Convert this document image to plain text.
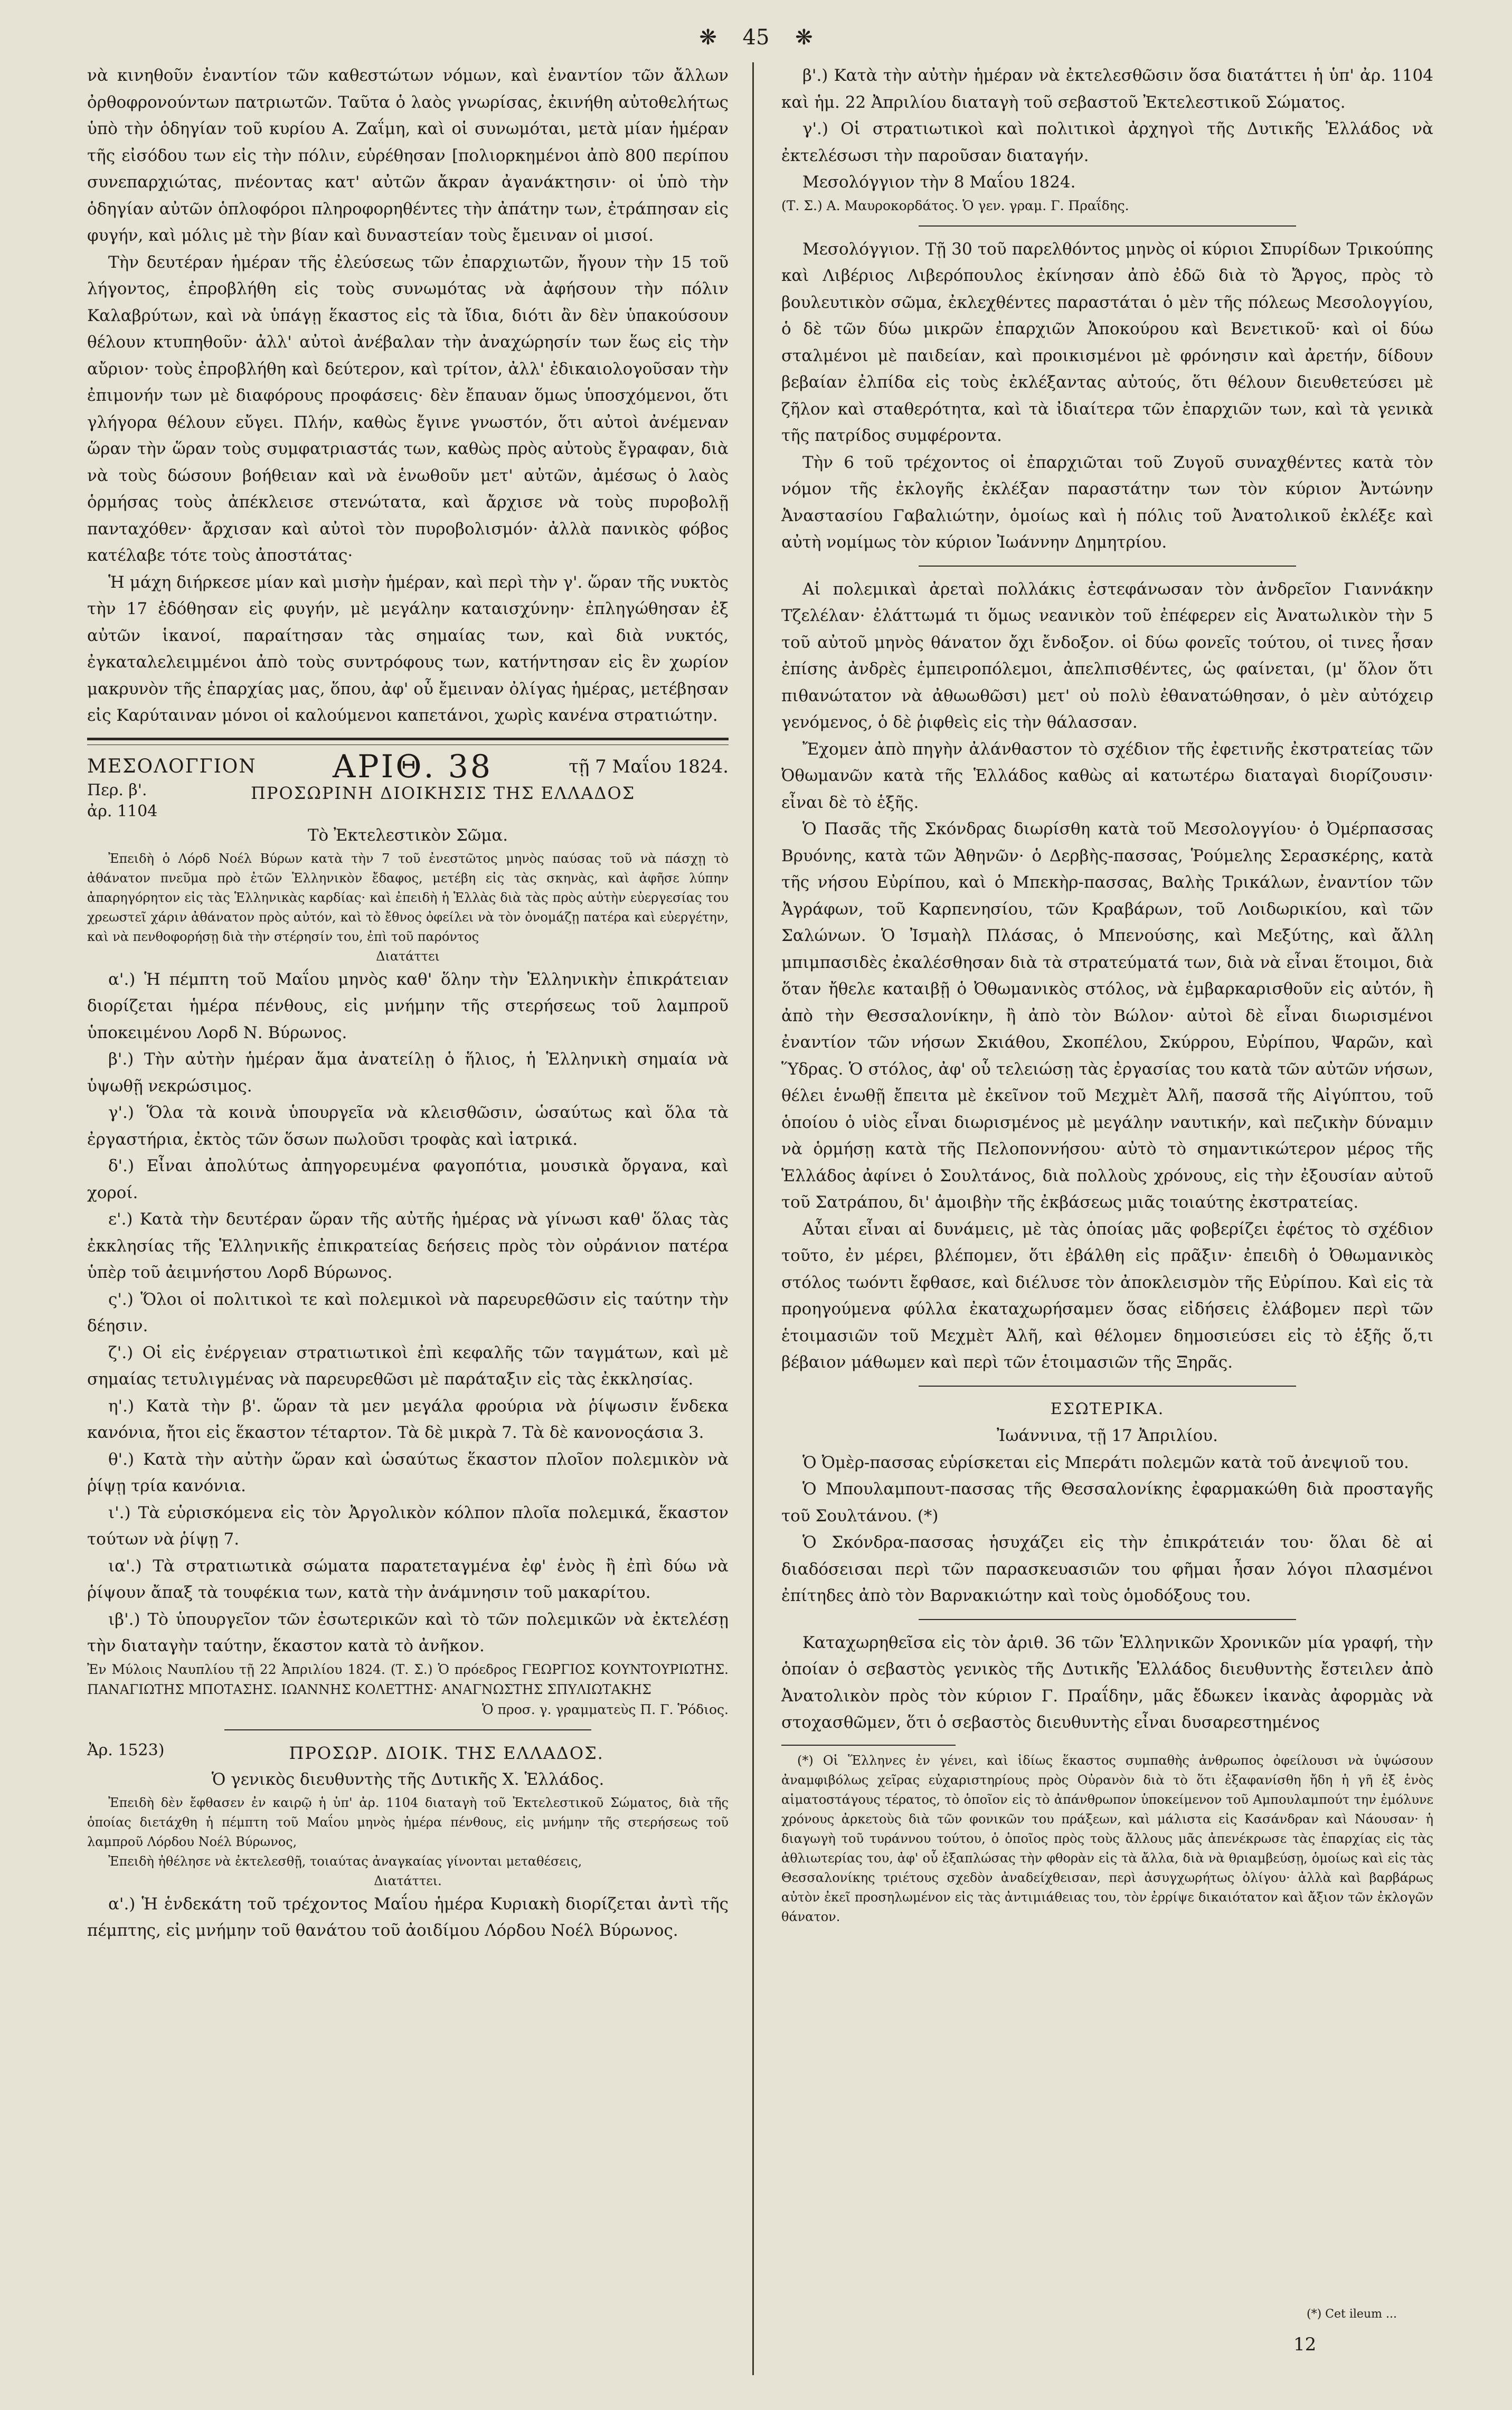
❋ 45 ❋

νὰ κινηθοῦν ἐναντίον τῶν καθεστώτων νόμων, καὶ ἐναντίον τῶν ἄλλων ὀρθοφρονούντων πατριωτῶν. Ταῦτα ὁ λαὸς γνωρίσας, ἐκινήθη αὐτοθελήτως ὑπὸ τὴν ὁδηγίαν τοῦ κυρίου Α. Ζαΐμη, καὶ οἱ συνωμόται, μετὰ μίαν ἡμέραν τῆς εἰσόδου των εἰς τὴν πόλιν, εὑρέθησαν [πολιορκημένοι ἀπὸ 800 περίπου συνεπαρχιώτας, πνέοντας κατ' αὐτῶν ἄκραν ἀγανάκτησιν· οἱ ὑπὸ τὴν ὁδηγίαν αὐτῶν ὁπλοφόροι πληροφορηθέντες τὴν ἀπάτην των, ἐτράπησαν εἰς φυγήν, καὶ μόλις μὲ τὴν βίαν καὶ δυναστείαν τοὺς ἔμειναν οἱ μισοί.

Τὴν δευτέραν ἡμέραν τῆς ἐλεύσεως τῶν ἐπαρχιωτῶν, ἤγουν τὴν 15 τοῦ λήγοντος, ἐπροβλήθη εἰς τοὺς συνωμότας νὰ ἀφήσουν τὴν πόλιν Καλαβρύτων, καὶ νὰ ὑπάγῃ ἕκαστος εἰς τὰ ἴδια, διότι ἂν δὲν ὑπακούσουν θέλουν κτυπηθοῦν· ἀλλ' αὐτοὶ ἀνέβαλαν τὴν ἀναχώρησίν των ἕως εἰς τὴν αὔριον· τοὺς ἐπροβλήθη καὶ δεύτερον, καὶ τρίτον, ἀλλ' ἐδικαιολογοῦσαν τὴν ἐπιμονήν των μὲ διαφόρους προφάσεις· δὲν ἔπαυαν ὅμως ὑποσχόμενοι, ὅτι γλήγορα θέλουν εὔγει. Πλήν, καθὼς ἔγινε γνωστόν, ὅτι αὐτοὶ ἀνέμεναν ὥραν τὴν ὥραν τοὺς συμφατριαστάς των, καθὼς πρὸς αὐτοὺς ἔγραφαν, διὰ νὰ τοὺς δώσουν βοήθειαν καὶ νὰ ἑνωθοῦν μετ' αὐτῶν, ἀμέσως ὁ λαὸς ὁρμήσας τοὺς ἀπέκλεισε στενώτατα, καὶ ἄρχισε νὰ τοὺς πυροβολῇ πανταχόθεν· ἄρχισαν καὶ αὐτοὶ τὸν πυροβολισμόν· ἀλλὰ πανικὸς φόβος κατέλαβε τότε τοὺς ἀποστάτας·

Ἡ μάχη διήρκεσε μίαν καὶ μισὴν ἡμέραν, καὶ περὶ τὴν γ'. ὥραν τῆς νυκτὸς τὴν 17 ἐδόθησαν εἰς φυγήν, μὲ μεγάλην καταισχύνην· ἐπληγώθησαν ἐξ αὐτῶν ἱκανοί, παραίτησαν τὰς σημαίας των, καὶ διὰ νυκτός, ἐγκαταλελειμμένοι ἀπὸ τοὺς συντρόφους των, κατήντησαν εἰς ἓν χωρίον μακρυνὸν τῆς ἐπαρχίας μας, ὅπου, ἀφ' οὗ ἔμειναν ὀλίγας ἡμέρας, μετέβησαν εἰς Καρύταιναν μόνοι οἱ καλούμενοι καπετάνοι, χωρὶς κανένα στρατιώτην.

ΜΕΣΟΛΟΓΓΙΟΝ ΑΡΙΘ. 38	τῇ 7 Μαΐου 1824.
Περ. β'.
ἀρ. 1104
ΠΡΟΣΩΡΙΝΗ ΔΙΟΙΚΗΣΙΣ ΤΗΣ ΕΛΛΑΔΟΣ

Τὸ Ἐκτελεστικὸν Σῶμα.

Ἐπειδὴ ὁ Λόρδ Νοέλ Βύρων κατὰ τὴν 7 τοῦ ἐνεστῶτος μηνὸς παύσας τοῦ νὰ πάσχῃ τὸ ἀθάνατον πνεῦμα πρὸ ἐτῶν Ἑλληνικὸν ἔδαφος, μετέβη εἰς τὰς σκηνὰς, καὶ ἀφῆσε λύπην ἀπαρηγόρητον εἰς τὰς Ἑλληνικὰς καρδίας· καὶ ἐπειδὴ ἡ Ἑλλὰς διὰ τὰς πρὸς αὐτὴν εὐεργεσίας του χρεωστεῖ χάριν ἀθάνατον πρὸς αὐτόν, καὶ τὸ ἔθνος ὀφείλει νὰ τὸν ὀνομάζῃ πατέρα καὶ εὐεργέτην, καὶ νὰ πενθοφορήσῃ διὰ τὴν στέρησίν του, ἐπὶ τοῦ παρόντος

Διατάττει

α'.) Ἡ πέμπτη τοῦ Μαΐου μηνὸς καθ' ὅλην τὴν Ἑλληνικὴν ἐπικράτειαν διορίζεται ἡμέρα πένθους, εἰς μνήμην τῆς στερήσεως τοῦ λαμπροῦ ὑποκειμένου Λορδ Ν. Βύρωνος.

β'.) Τὴν αὐτὴν ἡμέραν ἅμα ἀνατείλῃ ὁ ἥλιος, ἡ Ἑλληνικὴ σημαία νὰ ὑψωθῇ νεκρώσιμος.

γ'.) Ὅλα τὰ κοινὰ ὑπουργεῖα νὰ κλεισθῶσιν, ὡσαύτως καὶ ὅλα τὰ ἐργαστήρια, ἐκτὸς τῶν ὅσων πωλοῦσι τροφὰς καὶ ἰατρικά.

δ'.) Εἶναι ἀπολύτως ἀπηγορευμένα φαγοπότια, μουσικὰ ὄργανα, καὶ χοροί.

ε'.) Κατὰ τὴν δευτέραν ὥραν τῆς αὐτῆς ἡμέρας νὰ γίνωσι καθ' ὅλας τὰς ἐκκλησίας τῆς Ἑλληνικῆς ἐπικρατείας δεήσεις πρὸς τὸν οὐράνιον πατέρα ὑπὲρ τοῦ ἀειμνήστου Λορδ Βύρωνος.

ς'.) Ὅλοι οἱ πολιτικοὶ τε καὶ πολεμικοὶ νὰ παρευρεθῶσιν εἰς ταύτην τὴν δέησιν.

ζ'.) Οἱ εἰς ἐνέργειαν στρατιωτικοὶ ἐπὶ κεφαλῆς τῶν ταγμάτων, καὶ μὲ σημαίας τετυλιγμένας νὰ παρευρεθῶσι μὲ παράταξιν εἰς τὰς ἐκκλησίας.

η'.) Κατὰ τὴν β'. ὥραν τὰ μεν μεγάλα φρούρια νὰ ῥίψωσιν ἕνδεκα κανόνια, ἤτοι εἰς ἕκαστον τέταρτον. Τὰ δὲ μικρὰ 7. Τὰ δὲ κανονοςάσια 3.

θ'.) Κατὰ τὴν αὐτὴν ὥραν καὶ ὡσαύτως ἕκαστον πλοῖον πολεμικὸν νὰ ῥίψῃ τρία κανόνια.

ι'.) Τὰ εὑρισκόμενα εἰς τὸν Ἀργολικὸν κόλπον πλοῖα πολεμικά, ἕκαστον τούτων νὰ ῥίψῃ 7.

ια'.) Τὰ στρατιωτικὰ σώματα παρατεταγμένα ἐφ' ἑνὸς ἢ ἐπὶ δύω νὰ ῥίψουν ἄπαξ τὰ τουφέκια των, κατὰ τὴν ἀνάμνησιν τοῦ μακαρίτου.

ιβ'.) Τὸ ὑπουργεῖον τῶν ἐσωτερικῶν καὶ τὸ τῶν πολεμικῶν νὰ ἐκτελέσῃ τὴν διαταγὴν ταύτην, ἕκαστον κατὰ τὸ ἀνῆκον.

Ἐν Μύλοις Ναυπλίου τῇ 22 Ἀπριλίου 1824. (Τ. Σ.) Ὁ πρόεδρος ΓΕΩΡΓΙΟΣ ΚΟΥΝΤΟΥΡΙΩΤΗΣ. ΠΑΝΑΓΙΩΤΗΣ ΜΠΟΤΑΣΗΣ. ΙΩΑΝΝΗΣ ΚΟΛΕΤΤΗΣ· ΑΝΑΓΝΩΣΤΗΣ ΣΠΥΛΙΩΤΑΚΗΣ

Ὁ προσ. γ. γραμματεὺς Π. Γ. Ῥόδιος.

Ἀρ. 1523)	ΠΡΟΣΩΡ. ΔΙΟΙΚ. ΤΗΣ ΕΛΛΑΔΟΣ.

Ὁ γενικὸς διευθυντὴς τῆς Δυτικῆς Χ. Ἑλλάδος.

Ἐπειδὴ δὲν ἔφθασεν ἐν καιρῷ ἡ ὑπ' ἀρ. 1104 διαταγὴ τοῦ Ἐκτελεστικοῦ Σώματος, διὰ τῆς ὁποίας διετάχθη ἡ πέμπτη τοῦ Μαΐου μηνὸς ἡμέρα πένθους, εἰς μνήμην τῆς στερήσεως τοῦ λαμπροῦ Λόρδου Νοέλ Βύρωνος,

Ἐπειδὴ ἠθέλησε νὰ ἐκτελεσθῇ, τοιαύτας ἀναγκαίας γίνονται μεταθέσεις,

Διατάττει.

α'.) Ἡ ἑνδεκάτη τοῦ τρέχοντος Μαΐου ἡμέρα Κυριακὴ διορίζεται ἀντὶ τῆς πέμπτης, εἰς μνήμην τοῦ θανάτου τοῦ ἀοιδίμου Λόρδου Νοέλ Βύρωνος.

β'.) Κατὰ τὴν αὐτὴν ἡμέραν νὰ ἐκτελεσθῶσιν ὅσα διατάττει ἡ ὑπ' ἀρ. 1104 καὶ ἡμ. 22 Ἀπριλίου διαταγὴ τοῦ σεβαστοῦ Ἐκτελεστικοῦ Σώματος.

γ'.) Οἱ στρατιωτικοὶ καὶ πολιτικοὶ ἀρχηγοὶ τῆς Δυτικῆς Ἑλλάδος νὰ ἐκτελέσωσι τὴν παροῦσαν διαταγήν.

Μεσολόγγιον τὴν 8 Μαΐου 1824.

(Τ. Σ.) Α. Μαυροκορδάτος. Ὁ γεν. γραμ. Γ. Πραΐδης.

Μεσολόγγιον. Τῇ 30 τοῦ παρελθόντος μηνὸς οἱ κύριοι Σπυρίδων Τρικούπης καὶ Λιβέριος Λιβερόπουλος ἐκίνησαν ἀπὸ ἐδῶ διὰ τὸ Ἄργος, πρὸς τὸ βουλευτικὸν σῶμα, ἐκλεχθέντες παραστάται ὁ μὲν τῆς πόλεως Μεσολογγίου, ὁ δὲ τῶν δύω μικρῶν ἐπαρχιῶν Ἀποκούρου καὶ Βενετικοῦ· καὶ οἱ δύω σταλμένοι μὲ παιδείαν, καὶ προικισμένοι μὲ φρόνησιν καὶ ἀρετήν, δίδουν βεβαίαν ἐλπίδα εἰς τοὺς ἐκλέξαντας αὐτούς, ὅτι θέλουν διευθετεύσει μὲ ζῆλον καὶ σταθερότητα, καὶ τὰ ἰδιαίτερα τῶν ἐπαρχιῶν των, καὶ τὰ γενικὰ τῆς πατρίδος συμφέροντα.

Τὴν 6 τοῦ τρέχοντος οἱ ἐπαρχιῶται τοῦ Ζυγοῦ συναχθέντες κατὰ τὸν νόμον τῆς ἐκλογῆς ἐκλέξαν παραστάτην των τὸν κύριον Ἀντώνην Ἀναστασίου Γαβαλιώτην, ὁμοίως καὶ ἡ πόλις τοῦ Ἀνατολικοῦ ἐκλέξε καὶ αὐτὴ νομίμως τὸν κύριον Ἰωάννην Δημητρίου.

Αἱ πολεμικαὶ ἀρεταὶ πολλάκις ἐστεφάνωσαν τὸν ἀνδρεῖον Γιαννάκην Τζελέλαν· ἐλάττωμά τι ὅμως νεανικὸν τοῦ ἐπέφερεν εἰς Ἀνατωλικὸν τὴν 5 τοῦ αὐτοῦ μηνὸς θάνατον ὄχι ἔνδοξον. οἱ δύω φονεῖς τούτου, οἱ τινες ἦσαν ἐπίσης ἀνδρὲς ἐμπειροπόλεμοι, ἀπελπισθέντες, ὡς φαίνεται, (μ' ὅλον ὅτι πιθανώτατον νὰ ἀθωωθῶσι) μετ' οὐ πολὺ ἐθανατώθησαν, ὁ μὲν αὐτόχειρ γενόμενος, ὁ δὲ ῥιφθεὶς εἰς τὴν θάλασσαν.

Ἔχομεν ἀπὸ πηγὴν ἀλάνθαστον τὸ σχέδιον τῆς ἐφετινῆς ἐκστρατείας τῶν Ὀθωμανῶν κατὰ τῆς Ἑλλάδος καθὼς αἱ κατωτέρω διαταγαὶ διορίζουσιν· εἶναι δὲ τὸ ἑξῆς.

Ὁ Πασᾶς τῆς Σκόνδρας διωρίσθη κατὰ τοῦ Μεσολογγίου· ὁ Ὀμέρπασσας Βρυόνης, κατὰ τῶν Ἀθηνῶν· ὁ Δερβὴς-πασσας, Ῥούμελης Σερασκέρης, κατὰ τῆς νήσου Εὐρίπου, καὶ ὁ Μπεκὴρ-πασσας, Βαλὴς Τρικάλων, ἐναντίον τῶν Ἀγράφων, τοῦ Καρπενησίου, τῶν Κραβάρων, τοῦ Λοιδωρικίου, καὶ τῶν Σαλώνων. Ὁ Ἰσμαὴλ Πλάσας, ὁ Μπενούσης, καὶ Μεξύτης, καὶ ἄλλη μπιμπασιδὲς ἐκαλέσθησαν διὰ τὰ στρατεύματά των, διὰ νὰ εἶναι ἕτοιμοι, διὰ ὅταν ἤθελε καταιβῇ ὁ Ὀθωμανικὸς στόλος, νὰ ἐμβαρκαρισθοῦν εἰς αὐτόν, ἢ ἀπὸ τὴν Θεσσαλονίκην, ἢ ἀπὸ τὸν Βώλον· αὐτοὶ δὲ εἶναι διωρισμένοι ἐναντίον τῶν νήσων Σκιάθου, Σκοπέλου, Σκύρρου, Εὐρίπου, Ψαρῶν, καὶ Ὕδρας. Ὁ στόλος, ἀφ' οὗ τελειώσῃ τὰς ἐργασίας του κατὰ τῶν αὐτῶν νήσων, θέλει ἑνωθῇ ἔπειτα μὲ ἐκεῖνον τοῦ Μεχμὲτ Ἀλῆ, πασσᾶ τῆς Αἰγύπτου, τοῦ ὁποίου ὁ υἱὸς εἶναι διωρισμένος μὲ μεγάλην ναυτικήν, καὶ πεζικὴν δύναμιν νὰ ὁρμήσῃ κατὰ τῆς Πελοποννήσου· αὐτὸ τὸ σημαντικώτερον μέρος τῆς Ἑλλάδος ἀφίνει ὁ Σουλτάνος, διὰ πολλοὺς χρόνους, εἰς τὴν ἐξουσίαν αὐτοῦ τοῦ Σατράπου, δι' ἀμοιβὴν τῆς ἐκβάσεως μιᾶς τοιαύτης ἐκστρατείας.

Αὗται εἶναι αἱ δυνάμεις, μὲ τὰς ὁποίας μᾶς φοβερίζει ἐφέτος τὸ σχέδιον τοῦτο, ἐν μέρει, βλέπομεν, ὅτι ἐβάλθη εἰς πρᾶξιν· ἐπειδὴ ὁ Ὀθωμανικὸς στόλος τωόντι ἔφθασε, καὶ διέλυσε τὸν ἀποκλεισμὸν τῆς Εὐρίπου. Καὶ εἰς τὰ προηγούμενα φύλλα ἐκαταχωρήσαμεν ὅσας εἰδήσεις ἐλάβομεν περὶ τῶν ἑτοιμασιῶν τοῦ Μεχμὲτ Ἀλῆ, καὶ θέλομεν δημοσιεύσει εἰς τὸ ἑξῆς ὅ,τι βέβαιον μάθωμεν καὶ περὶ τῶν ἑτοιμασιῶν τῆς Ξηρᾶς.

ΕΣΩΤΕΡΙΚΑ.

Ἰωάννινα, τῇ 17 Ἀπριλίου.

Ὁ Ὀμὲρ-πασσας εὑρίσκεται εἰς Μπεράτι πολεμῶν κατὰ τοῦ ἀνεψιοῦ του.

Ὁ Μπουλαμπουτ-πασσας τῆς Θεσσαλονίκης ἐφαρμακώθη διὰ προσταγῆς τοῦ Σουλτάνου. (*)

Ὁ Σκόνδρα-πασσας ἡσυχάζει εἰς τὴν ἐπικράτειάν του· ὅλαι δὲ αἱ διαδόσεισαι περὶ τῶν παρασκευασιῶν του φῆμαι ἦσαν λόγοι πλασμένοι ἐπίτηδες ἀπὸ τὸν Βαρνακιώτην καὶ τοὺς ὁμοδόξους του.

Καταχωρηθεῖσα εἰς τὸν ἀριθ. 36 τῶν Ἑλληνικῶν Χρονικῶν μία γραφή, τὴν ὁποίαν ὁ σεβαστὸς γενικὸς τῆς Δυτικῆς Ἑλλάδος διευθυντὴς ἔστειλεν ἀπὸ Ἀνατολικὸν πρὸς τὸν κύριον Γ. Πραΐδην, μᾶς ἔδωκεν ἱκανὰς ἀφορμὰς νὰ στοχασθῶμεν, ὅτι ὁ σεβαστὸς διευθυντὴς εἶναι δυσαρεστημένος

(*) Οἱ Ἕλληνες ἐν γένει, καὶ ἰδίως ἕκαστος συμπαθὴς ἀνθρωπος ὀφείλουσι νὰ ὑψώσουν ἀναμφιβόλως χεῖρας εὐχαριστηρίους πρὸς Οὐρανὸν διὰ τὸ ὅτι ἐξαφανίσθη ἤδη ἡ γῆ ἐξ ἑνὸς αἱματοστάγους τέρατος, τὸ ὁποῖον εἰς τὸ ἀπάνθρωπον ὑποκείμενον τοῦ Αμπουλαμπούτ την ἐμόλυνε χρόνους ἀρκετοὺς διὰ τῶν φονικῶν του πράξεων, καὶ μάλιστα εἰς Κασάνδραν καὶ Νάουσαν· ἡ διαγωγὴ τοῦ τυράννου τούτου, ὁ ὁποῖος πρὸς τοὺς ἄλλους μᾶς ἀπενέκρωσε τὰς ἐπαρχίας εἰς τὰς ἀθλιωτερίας του, ἀφ' οὗ ἐξαπλώσας τὴν φθορὰν εἰς τὰ ἄλλα, διὰ νὰ θριαμβεύσῃ, ὁμοίως καὶ εἰς τὰς Θεσσαλονίκης τριέτους σχεδὸν ἀναδείχθεισαν, περὶ ἀσυγχωρήτως ὀλίγου· ἀλλὰ καὶ βαρβάρως αὐτὸν ἐκεῖ προσηλωμένον εἰς τὰς ἀντιμιάθειας του, τὸν ἐρρίψε δικαιότατον καὶ ἄξιον τῶν ἐκλογῶν θάνατον.

(*) Cet ileum ...
12
